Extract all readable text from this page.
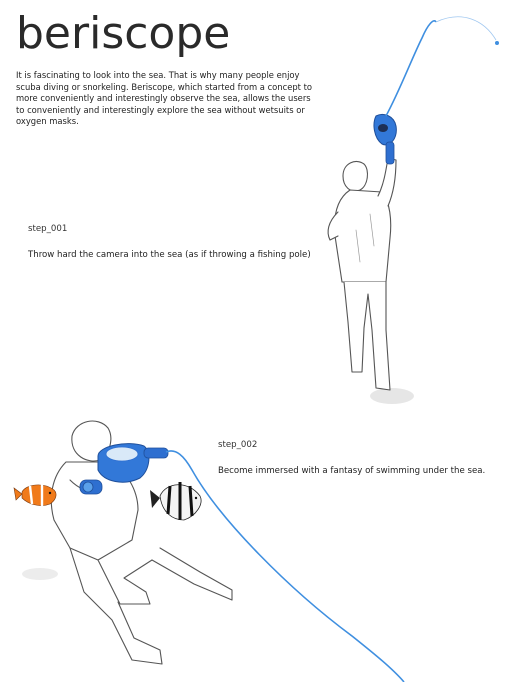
beriscope
It is fascinating to look into the sea. That is why many people enjoy scuba diving or snorkeling. Beriscope, which started from a concept to more conveniently and interestingly observe the sea, allows the users to conveniently and interestingly explore the sea without wetsuits or oxygen masks.
step_001
Throw hard the camera into the sea (as if throwing a fishing pole)
step_002
Become immersed with a fantasy of swimming under the sea.
